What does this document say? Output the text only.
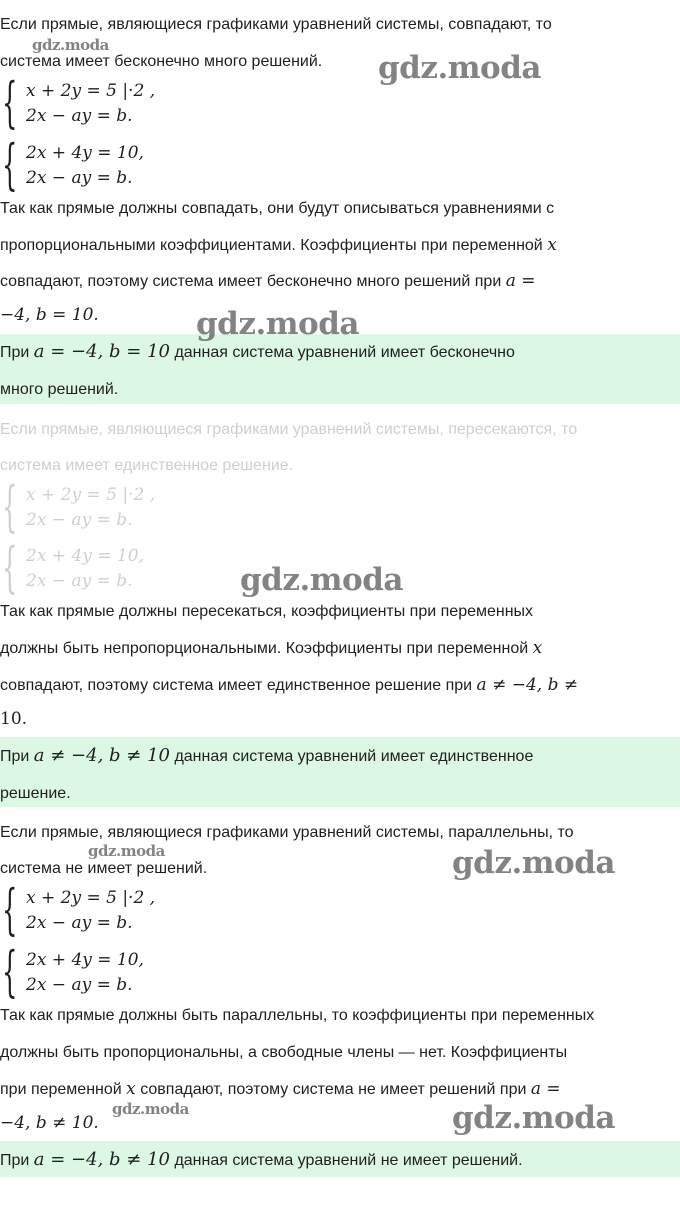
Если прямые, являющиеся графиками уравнений системы, совпадают, то
система имеет бесконечно много решений.
{ x + 2y = 5 |·2 ,
2x − ay = b.
{ 2x + 4y = 10,
2x − ay = b.
Так как прямые должны совпадать, они будут описываться уравнениями с
пропорциональными коэффициентами. Коэффициенты при переменной x
совпадают, поэтому система имеет бесконечно много решений при a =
−4, b = 10.
При a = −4, b = 10 данная система уравнений имеет бесконечно
много решений.
Если прямые, являющиеся графиками уравнений системы, пересекаются, то
система имеет единственное решение.
{ x + 2y = 5 |·2 ,
2x − ay = b.
{ 2x + 4y = 10,
2x − ay = b.
Так как прямые должны пересекаться, коэффициенты при переменных
должны быть непропорциональными. Коэффициенты при переменной x
совпадают, поэтому система имеет единственное решение при a ≠ −4, b ≠
10.
При a ≠ −4, b ≠ 10 данная система уравнений имеет единственное
решение.
Если прямые, являющиеся графиками уравнений системы, параллельны, то
система не имеет решений.
{ x + 2y = 5 |·2 ,
2x − ay = b.
{ 2x + 4y = 10,
2x − ay = b.
Так как прямые должны быть параллельны, то коэффициенты при переменных
должны быть пропорциональны, а свободные члены — нет. Коэффициенты
при переменной x совпадают, поэтому система не имеет решений при a =
−4, b ≠ 10.
При a = −4, b ≠ 10 данная система уравнений не имеет решений.
gdz.moda
gdz.moda
gdz.moda
gdz.moda
gdz.moda	gdz.moda
gdz.moda	gdz.moda
